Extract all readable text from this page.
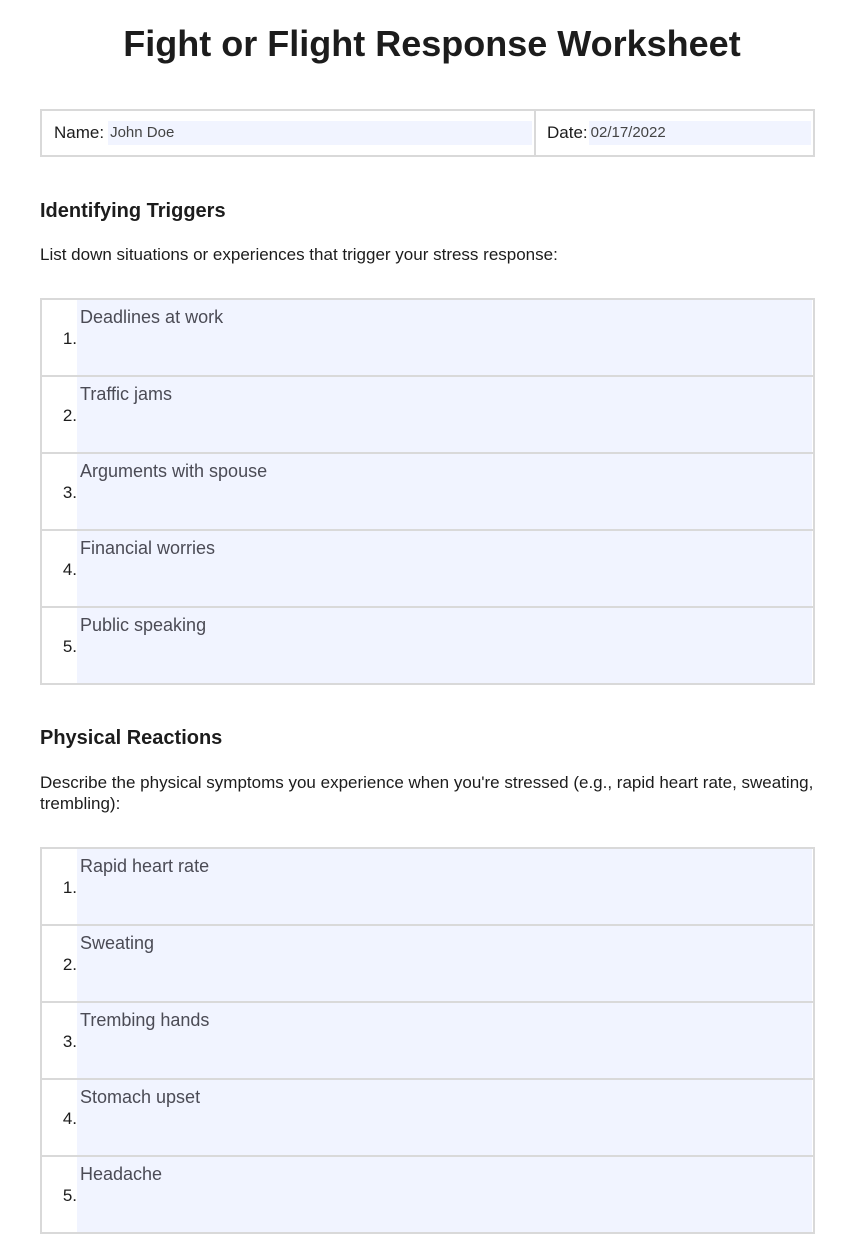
Fight or Flight Response Worksheet
Name: John Doe	Date: 02/17/2022
Identifying Triggers

List down situations or experiences that trigger your stress response:

1.
Deadlines at work
2.
Traffic jams
3.
Arguments with spouse
4.
Financial worries
5.
Public speaking
Physical Reactions

Describe the physical symptoms you experience when you're stressed (e.g., rapid heart rate, sweating, trembling):

1.
Rapid heart rate
2.
Sweating
3.
Trembing hands
4.
Stomach upset
5.
Headache
